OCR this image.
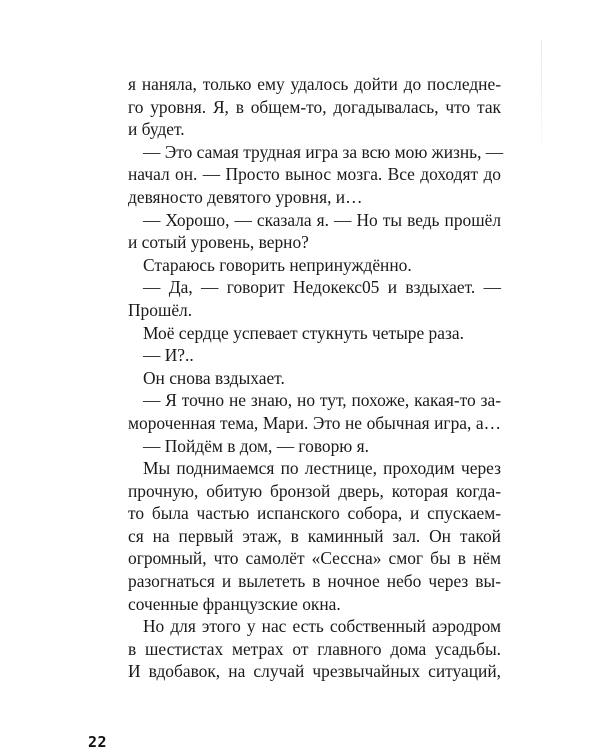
я наняла, только ему удалось дойти до последне-
го уровня. Я, в общем-то, догадывалась, что так
и будет.
— Это самая трудная игра за всю мою жизнь, —
начал он. — Просто вынос мозга. Все доходят до
девяносто девятого уровня, и…
— Хорошо, — сказала я. — Но ты ведь прошёл
и сотый уровень, верно?
Стараюсь говорить непринуждённо.
— Да, — говорит Недокекс05 и вздыхает. —
Прошёл.
Моё сердце успевает стукнуть четыре раза.
— И?..
Он снова вздыхает.
— Я точно не знаю, но тут, похоже, какая-то за-
мороченная тема, Мари. Это не обычная игра, а…
— Пойдём в дом, — говорю я.
Мы поднимаемся по лестнице, проходим через
прочную, обитую бронзой дверь, которая когда-
то была частью испанского собора, и спускаем-
ся на первый этаж, в каминный зал. Он такой
огромный, что самолёт «Сессна» смог бы в нём
разогнаться и вылететь в ночное небо через вы-
соченные французские окна.
Но для этого у нас есть собственный аэродром
в шестистах метрах от главного дома усадьбы.
И вдобавок, на случай чрезвычайных ситуаций,
22
